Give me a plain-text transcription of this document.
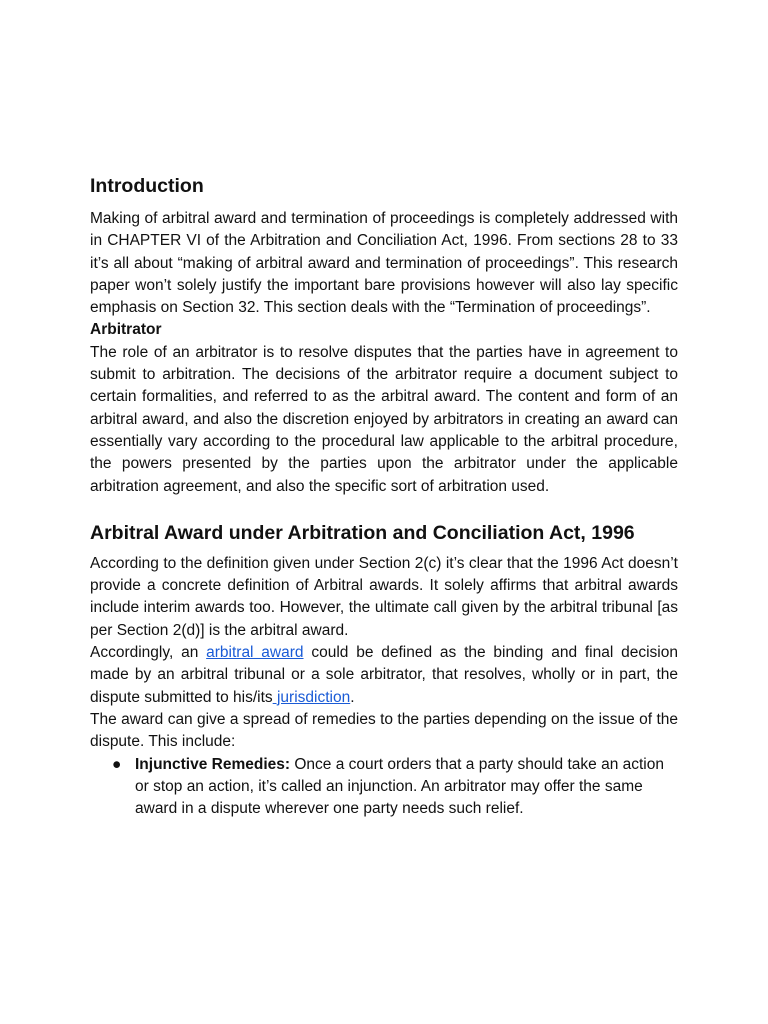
Introduction

Making of arbitral award and termination of proceedings is completely addressed with in CHAPTER VI of the Arbitration and Conciliation Act, 1996. From sections 28 to 33 it’s all about “making of arbitral award and termination of proceedings”. This research paper won’t solely justify the important bare provisions however will also lay specific emphasis on Section 32. This section deals with the “Termination of proceedings”.

Arbitrator

The role of an arbitrator is to resolve disputes that the parties have in agreement to submit to arbitration. The decisions of the arbitrator require a document subject to certain formalities, and referred to as the arbitral award. The content and form of an arbitral award, and also the discretion enjoyed by arbitrators in creating an award can essentially vary according to the procedural law applicable to the arbitral procedure, the powers presented by the parties upon the arbitrator under the applicable arbitration agreement, and also the specific sort of arbitration used.

Arbitral Award under Arbitration and Conciliation Act, 1996

According to the definition given under Section 2(c) it’s clear that the 1996 Act doesn’t provide a concrete definition of Arbitral awards. It solely affirms that arbitral awards include interim awards too. However, the ultimate call given by the arbitral tribunal [as per Section 2(d)] is the arbitral award.

Accordingly, an arbitral award could be defined as the binding and final decision made by an arbitral tribunal or a sole arbitrator, that resolves, wholly or in part, the dispute submitted to his/its jurisdiction.

The award can give a spread of remedies to the parties depending on the issue of the dispute. This include:

● Injunctive Remedies: Once a court orders that a party should take an action or stop an action, it’s called an injunction. An arbitrator may offer the same award in a dispute wherever one party needs such relief.
